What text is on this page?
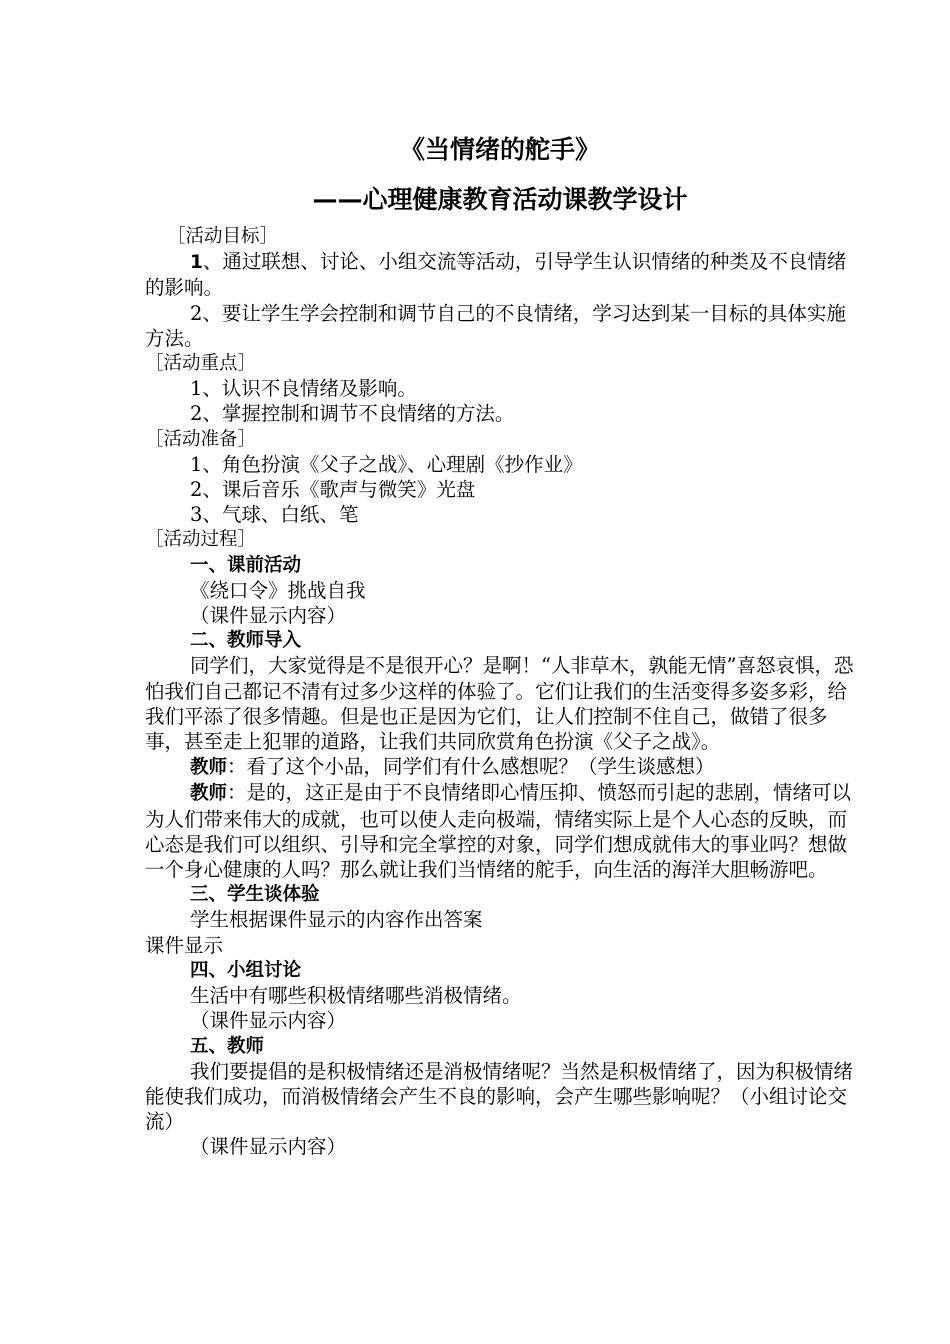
《当情绪的舵手》
——心理健康教育活动课教学设计

［活动目标］

1、通过联想、讨论、小组交流等活动，引导学生认识情绪的种类及不良情绪的影响。

2、要让学生学会控制和调节自己的不良情绪，学习达到某一目标的具体实施方法。

［活动重点］

1、认识不良情绪及影响。

2、掌握控制和调节不良情绪的方法。

［活动准备］

1、角色扮演《父子之战》、心理剧《抄作业》

2、课后音乐《歌声与微笑》光盘

3、气球、白纸、笔

［活动过程］

一、课前活动

《绕口令》挑战自我

（课件显示内容）

二、教师导入

同学们，大家觉得是不是很开心？是啊！“人非草木，孰能无情”喜怒哀惧，恐怕我们自己都记不清有过多少这样的体验了。它们让我们的生活变得多姿多彩，给我们平添了很多情趣。但是也正是因为它们，让人们控制不住自己，做错了很多事，甚至走上犯罪的道路，让我们共同欣赏角色扮演《父子之战》。

教师：看了这个小品，同学们有什么感想呢？（学生谈感想）

教师：是的，这正是由于不良情绪即心情压抑、愤怒而引起的悲剧，情绪可以为人们带来伟大的成就，也可以使人走向极端，情绪实际上是个人心态的反映，而心态是我们可以组织、引导和完全掌控的对象，同学们想成就伟大的事业吗？想做一个身心健康的人吗？那么就让我们当情绪的舵手，向生活的海洋大胆畅游吧。

三、学生谈体验

学生根据课件显示的内容作出答案

课件显示

四、小组讨论

生活中有哪些积极情绪哪些消极情绪。

（课件显示内容）

五、教师

我们要提倡的是积极情绪还是消极情绪呢？当然是积极情绪了，因为积极情绪能使我们成功，而消极情绪会产生不良的影响，会产生哪些影响呢？（小组讨论交流）

（课件显示内容）
